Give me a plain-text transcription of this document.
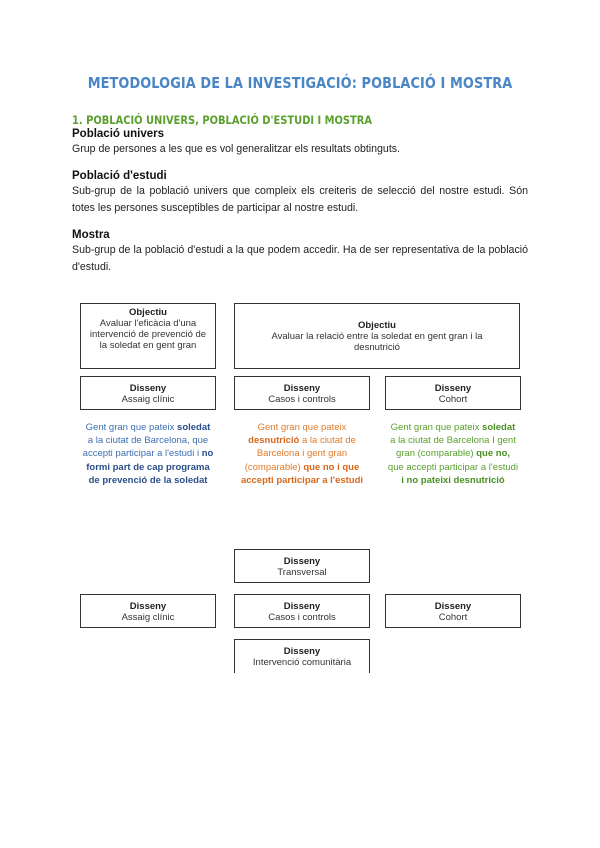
METODOLOGIA DE LA INVESTIGACIÓ: POBLACIÓ I MOSTRA
1. POBLACIÓ UNIVERS, POBLACIÓ D'ESTUDI I MOSTRA
Població univers
Grup de persones a les que es vol generalitzar els resultats obtinguts.
Població d'estudi
Sub-grup de la població univers que compleix els creiteris de selecció del nostre estudi. Són totes les persones susceptibles de participar al nostre estudi.
Mostra
Sub-grup de la població d'estudi a la que podem accedir. Ha de ser representativa de la població d'estudi.
Objectiu
Avaluar l'eficàcia d'una intervenció de prevenció de la soledat en gent gran
Objectiu
Avaluar la relació entre la soledat en gent gran i la desnutrició
Disseny
Assaig clínic
Disseny
Casos i controls
Disseny
Cohort
Gent gran que pateix soledat a la ciutat de Barcelona, que accepti participar a l'estudi i no formi part de cap programa de prevenció de la soledat
Gent gran que pateix desnutrició a la ciutat de Barcelona i gent gran (comparable) que no i que accepti participar a l'estudi
Gent gran que pateix soledat a la ciutat de Barcelona I gent gran (comparable) que no, que accepti participar a l'estudi i no pateixi desnutrició
Disseny
Transversal
Disseny
Assaig clínic
Disseny
Casos i controls
Disseny
Cohort
Disseny
Intervenció comunitària
